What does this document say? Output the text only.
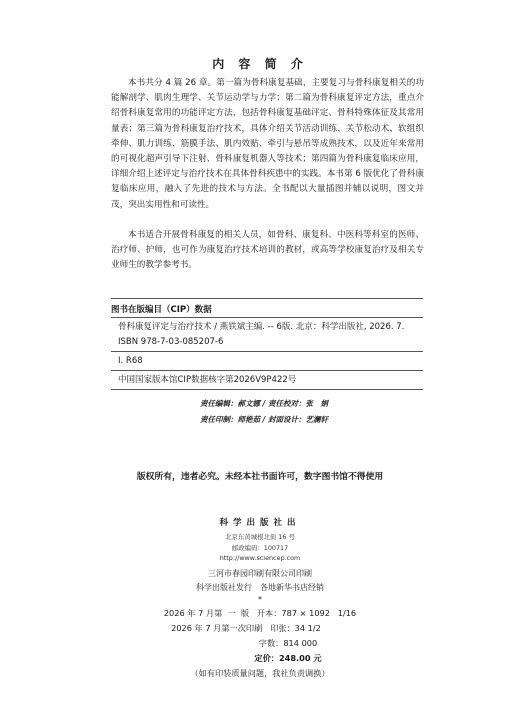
内 容 简 介

本书共分 4 篇 26 章。第一篇为骨科康复基础，主要复习与骨科康复相关的功能解剖学、肌肉生理学、关节运动学与力学；第二篇为骨科康复评定方法，重点介绍骨科康复常用的功能评定方法，包括骨科康复基础评定、骨科特殊体征及其常用量表；第三篇为骨科康复治疗技术，具体介绍关节活动训练、关节松动术、软组织牵伸、肌力训练、筋膜手法、肌内效贴、牵引与悬吊等成熟技术，以及近年来常用的可视化超声引导下注射、骨科康复机器人等技术；第四篇为骨科康复临床应用，详细介绍上述评定与治疗技术在具体骨科疾患中的实践。本书第 6 版优化了骨科康复临床应用，融入了先进的技术与方法。全书配以大量插图并辅以说明，图文并茂，突出实用性和可读性。

本书适合开展骨科康复的相关人员，如骨科、康复科、中医科等科室的医师、治疗师、护师，也可作为康复治疗技术培训的教材，或高等学校康复治疗及相关专业师生的教学参考书。

图书在版编目（CIP）数据
骨科康复评定与治疗技术 / 燕铁斌主编. -- 6版. 北京：科学出版社, 2026. 7.
ISBN 978-7-03-085207-6
Ⅰ. R68
中国国家版本馆CIP数据核字第2026V9P422号
责任编辑：郝文娜 / 责任校对：张　娟
责任印制：师艳茹 / 封面设计：艺澜轩
版权所有，违者必究。未经本社书面许可，数字图书馆不得使用
科学出版社出
北京东黄城根北街 16 号
邮政编码：100717
http://www.sciencep.com
三河市春园印刷有限公司印刷
科学出版社发行　各地新华书店经销
*
2026 年 7 月第  一  版   开本：787 × 1092   1/16
2026 年 7 月第一次印刷   印张：34 1/2
字数：814 000
定价：248.00 元
（如有印装质量问题，我社负责调换）
